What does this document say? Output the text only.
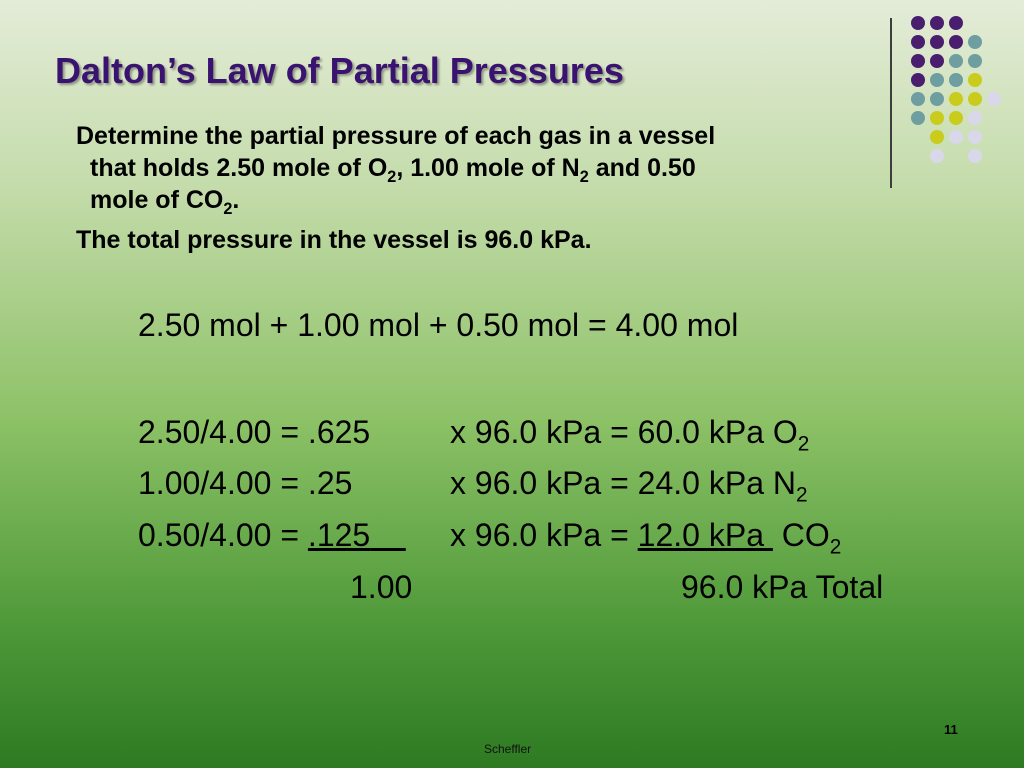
Dalton’s Law of Partial Pressures

Determine the partial pressure of each gas in a vessel
that holds 2.50 mole of $O_2$, 1.00 mole of $N_2$ and 0.50
mole of $CO_2$.

The total pressure in the vessel is 96.0 kPa.

2.50 mol + 1.00 mol + 0.50 mol = 4.00 mol
2.50/4.00 = .625 x 96.0 kPa = 60.0 kPa $O_2$
1.00/4.00 = .25	x 96.0 kPa = 24.0 kPa $N_2$
0.50/4.00 = .125 x 96.0 kPa = 12.0 kPa  $CO_2$
1.00	96.0 kPa Total
Scheffler
11
